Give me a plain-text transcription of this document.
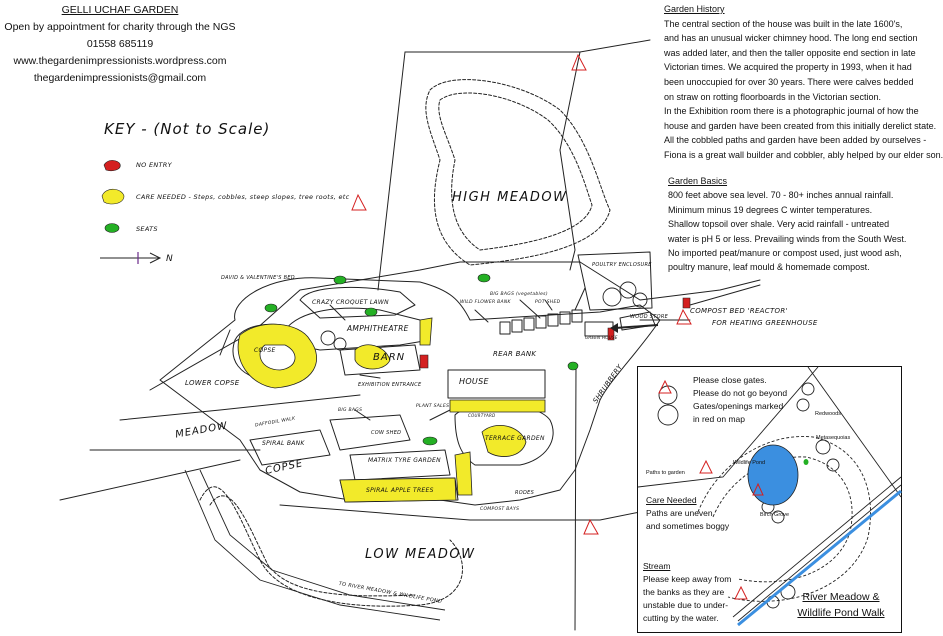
GELLI UCHAF GARDEN
Open by appointment for charity through the NGS
01558 685119
www.thegardenimpressionists.wordpress.com
thegardenimpressionists@gmail.com
Garden History
The central section of the house was built in the late 1600's,
and has an unusual wicker chimney hood. The long end section
was added later, and then the taller opposite end section in late
Victorian times. We acquired the property in 1993, when it had
been unoccupied for over 30 years. There were calves bedded
on straw on rotting floorboards in the Victorian section.
In the Exhibition room there is a photographic journal of how the
house and garden have been created from this initially derelict state.
All the cobbled paths and garden have been added by ourselves -
Fiona is a great wall builder and cobbler, ably helped by our elder son.
Garden Basics
800 feet above sea level. 70 - 80+ inches annual rainfall.
Minimum minus 19 degrees C winter temperatures.
Shallow topsoil over shale. Very acid rainfall - untreated
water is pH 5 or less. Prevailing winds from the South West.
No imported peat/manure or compost used, just wood ash,
poultry manure, leaf mould & homemade compost.
KEY - (Not to Scale)
NO ENTRY
CARE NEEDED - Steps, cobbles, steep slopes, tree roots, etc
SEATS
N
HIGH MEADOW
LOW MEADOW
MEADOW
COPSE
COPSE
LOWER COPSE
AMPHITHEATRE
BARN
CRAZY CROQUET LAWN
HOUSE
REAR BANK
SHRUBBERY
TERRACE GARDEN
MATRIX TYRE GARDEN
SPIRAL BANK
SPIRAL APPLE TREES
COW SHED
POULTRY ENCLOSURE
WOOD STORE
GREEN HOUSE
COMPOST BED 'REACTOR'
FOR HEATING GREENHOUSE
DAVID & VALENTINE'S BED
EXHIBITION ENTRANCE
BIG BAGS (vegetables)
POT SHED
WILD FLOWER BANK
PLANT SALES
COMPOST BAYS
RODES
DAFFODIL WALK
BIG BAGS
COURTYARD
TO RIVER MEADOW & WILDLIFE POND
Please close gates.
Please do not go beyond
Gates/openings marked
in red on map	Redwoods
Metasequoias
Wildlife Pond
Paths to garden
Birch Grove
Care Needed
Paths are uneven
and sometimes boggy
Stream
Please keep away from
the banks as they are
unstable due to under-
cutting by the water.
River Meadow &
Wildlife Pond Walk
